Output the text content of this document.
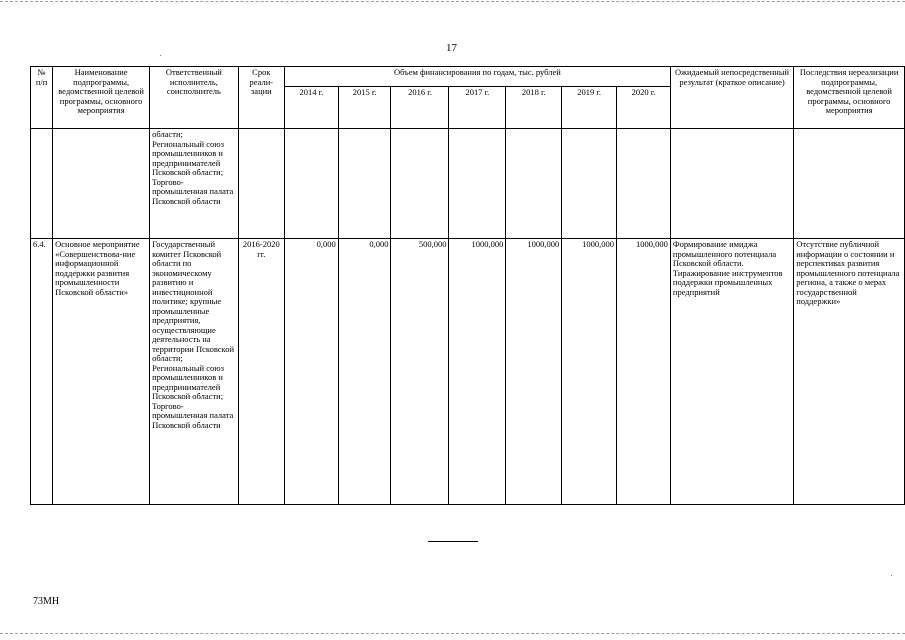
17
№ п/п	Наименование подпрограммы, ведомственной целевой программы, основного мероприятия	Ответственный исполнитель, соисполнитель	Срок реали-зации	Объем финансирования по годам, тыс. рублей							Ожидаемый непосредственный результат (краткое описание)	Последствия нереализации подпрограммы, ведомственной целевой программы, основного мероприятия
				2014 г.	2015 г.	2016 г.	2017 г.	2018 г.	2019 г.	2020 г.		
		области; Региональный союз промышленников и предпринимателей Псковской области; Торгово-промышленная палата Псковской области										
6.4.	Основное мероприятие «Совершенствова-ние информационной поддержки развития промышленности Псковской области»	Государственный комитет Псковской области по экономическому развитию и инвестиционной политике; крупные промышленные предприятия, осуществляющие деятельность на территории Псковской области; Региональный союз промышленников и предпринимателей Псковской области; Торгово-промышленная палата Псковской области	2016-2020 гг.	0,000	0,000	500,000	1000,000	1000,000	1000,000	1000,000	Формирование имиджа промышленного потенциала Псковской области. Тиражирование инструментов поддержки промышленных предприятий	Отсутствие публичной информации о состоянии и перспективах развития промышленного потенциала региона, а также о мерах государственной поддержки»
73МН
